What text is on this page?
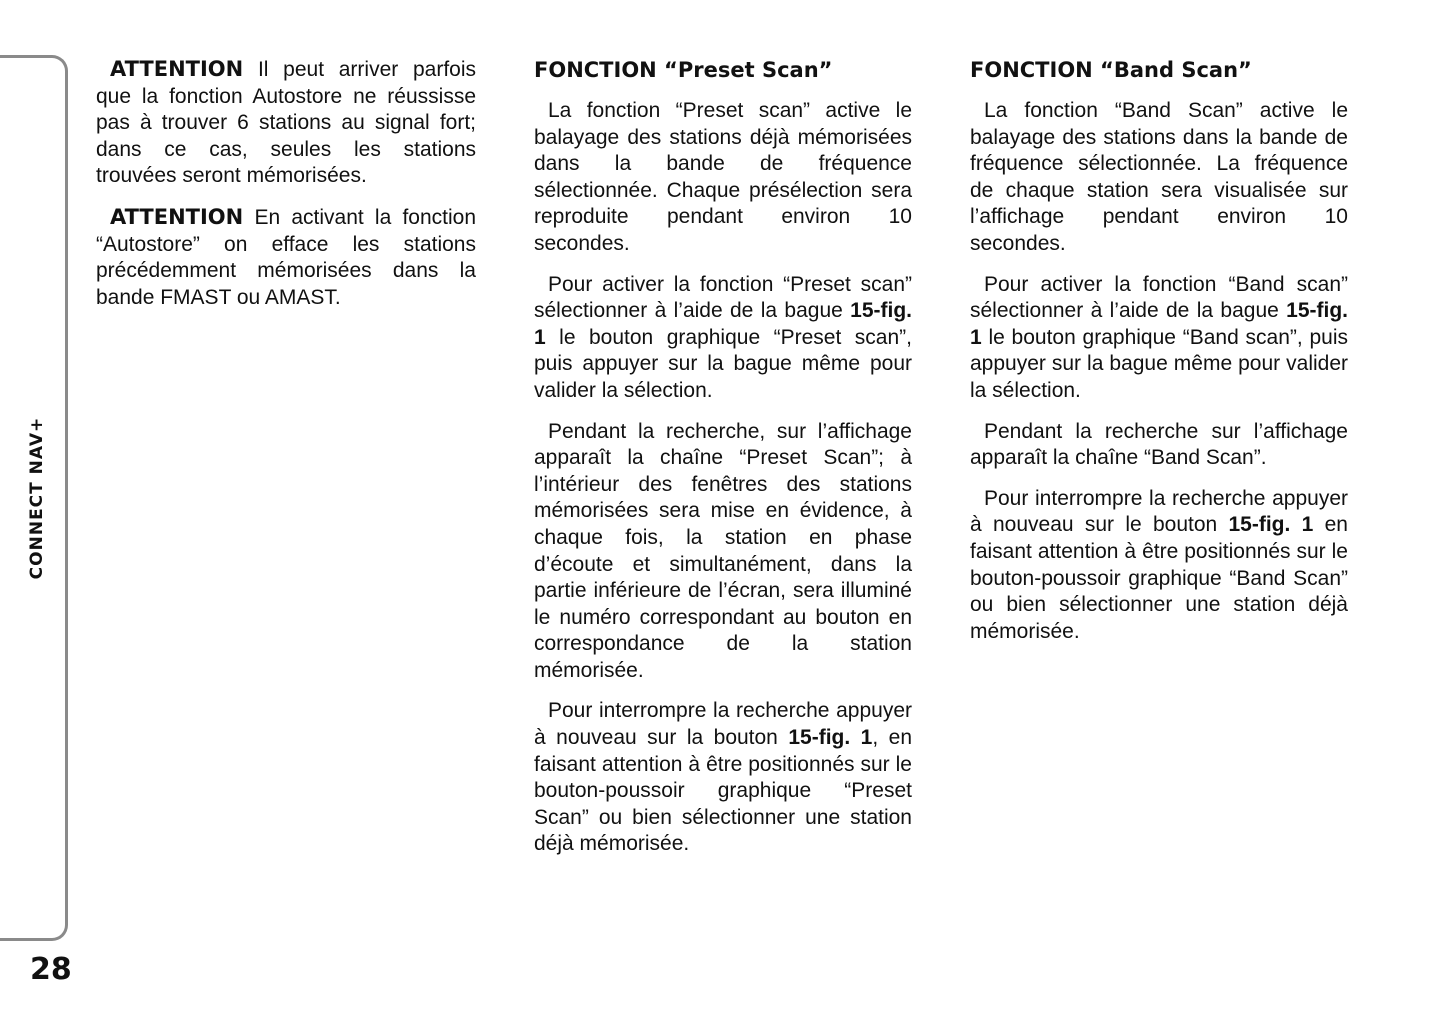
CONNECT NAV+
28

ATTENTION Il peut arriver parfois que la fonction Autostore ne réussisse pas à trouver 6 stations au signal fort; dans ce cas, seules les stations trouvées seront mémorisées.

ATTENTION En activant la fonction “Autostore” on efface les stations précédemment mémorisées dans la bande FMAST ou AMAST.

FONCTION “Preset Scan”

La fonction “Preset scan” active le balayage des stations déjà mémorisées dans la bande de fréquence sélectionnée. Chaque présélection sera reproduite pendant environ 10 secondes.

Pour activer la fonction “Preset scan” sélectionner à l’aide de la bague 15-fig. 1 le bouton graphique “Preset scan”, puis appuyer sur la bague même pour valider la sélection.

Pendant la recherche, sur l’affichage apparaît la chaîne “Preset Scan”; à l’intérieur des fenêtres des stations mémorisées sera mise en évidence, à chaque fois, la station en phase d’écoute et simultanément, dans la partie inférieure de l’écran, sera illuminé le numéro correspondant au bouton en correspondance de la station mémorisée.

Pour interrompre la recherche appuyer à nouveau sur la bouton 15-fig. 1, en faisant attention à être positionnés sur le bouton-poussoir graphique “Preset Scan” ou bien sélectionner une station déjà mémorisée.

FONCTION “Band Scan”

La fonction “Band Scan” active le balayage des stations dans la bande de fréquence sélectionnée. La fréquence de chaque station sera visualisée sur l’affichage pendant environ 10 secondes.

Pour activer la fonction “Band scan” sélectionner à l’aide de la bague 15-fig. 1 le bouton graphique “Band scan”, puis appuyer sur la bague même pour valider la sélection.

Pendant la recherche sur l’affichage apparaît la chaîne “Band Scan”.

Pour interrompre la recherche appuyer à nouveau sur le bouton 15-fig. 1 en faisant attention à être positionnés sur le bouton-poussoir graphique “Band Scan” ou bien sélectionner une station déjà mémorisée.
